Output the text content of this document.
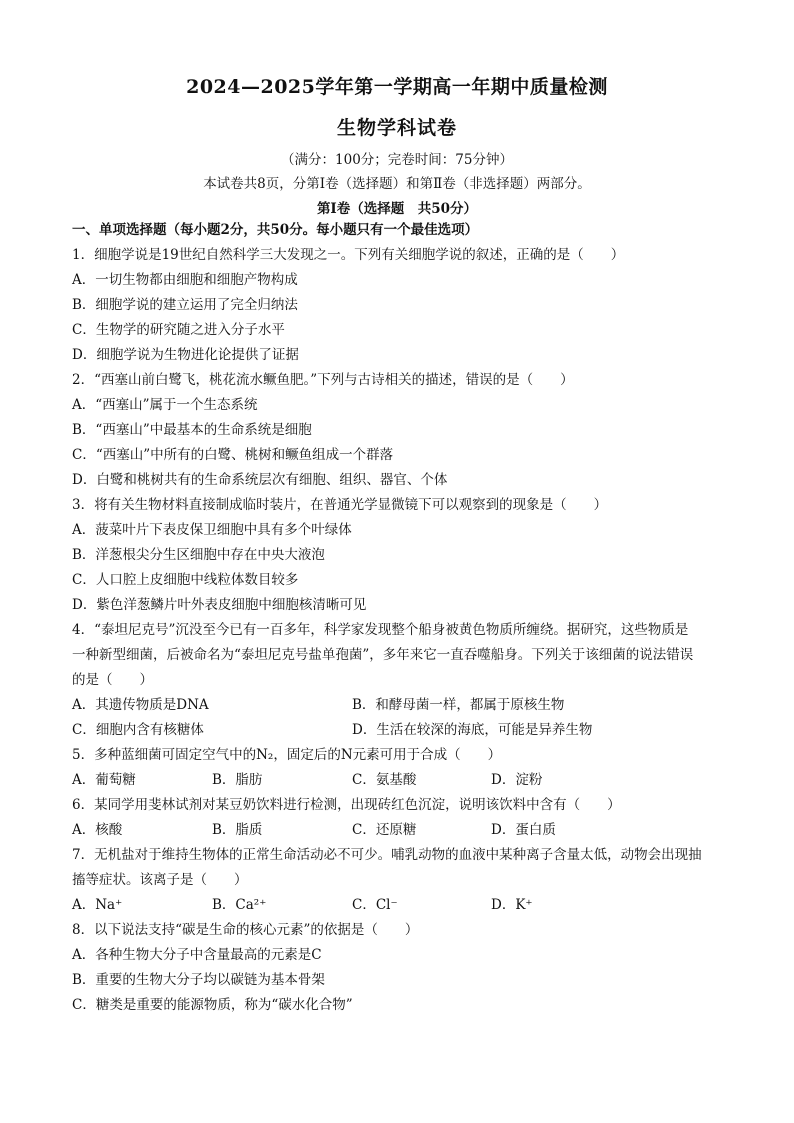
2024—2025学年第一学期高一年期中质量检测
生物学科试卷
（满分：100分；完卷时间：75分钟）
本试卷共8页，分第Ⅰ卷（选择题）和第Ⅱ卷（非选择题）两部分。
第Ⅰ卷（选择题　共50分）
一、单项选择题（每小题2分，共50分。每小题只有一个最佳选项）
1．细胞学说是19世纪自然科学三大发现之一。下列有关细胞学说的叙述，正确的是（　　）
A．一切生物都由细胞和细胞产物构成
B．细胞学说的建立运用了完全归纳法
C．生物学的研究随之进入分子水平
D．细胞学说为生物进化论提供了证据
2．“西塞山前白鹭飞，桃花流水鳜鱼肥。”下列与古诗相关的描述，错误的是（　　）
A．“西塞山”属于一个生态系统
B．“西塞山”中最基本的生命系统是细胞
C．“西塞山”中所有的白鹭、桃树和鳜鱼组成一个群落
D．白鹭和桃树共有的生命系统层次有细胞、组织、器官、个体
3．将有关生物材料直接制成临时装片，在普通光学显微镜下可以观察到的现象是（　　）
A．菠菜叶片下表皮保卫细胞中具有多个叶绿体
B．洋葱根尖分生区细胞中存在中央大液泡
C．人口腔上皮细胞中线粒体数目较多
D．紫色洋葱鳞片叶外表皮细胞中细胞核清晰可见
4．“泰坦尼克号”沉没至今已有一百多年，科学家发现整个船身被黄色物质所缠绕。据研究，这些物质是
一种新型细菌，后被命名为“泰坦尼克号盐单孢菌”，多年来它一直吞噬船身。下列关于该细菌的说法错误
的是（　　）
A．其遗传物质是DNA	B．和酵母菌一样，都属于原核生物
C．细胞内含有核糖体	D．生活在较深的海底，可能是异养生物
5．多种蓝细菌可固定空气中的N₂，固定后的N元素可用于合成（　　）
A．葡萄糖	B．脂肪	C．氨基酸	D．淀粉
6．某同学用斐林试剂对某豆奶饮料进行检测，出现砖红色沉淀，说明该饮料中含有（　　）
A．核酸	B．脂质	C．还原糖	D．蛋白质
7．无机盐对于维持生物体的正常生命活动必不可少。哺乳动物的血液中某种离子含量太低，动物会出现抽
搐等症状。该离子是（　　）
A．Na⁺	B．Ca²⁺	C．Cl⁻	D．K⁺
8．以下说法支持“碳是生命的核心元素”的依据是（　　）
A．各种生物大分子中含量最高的元素是C
B．重要的生物大分子均以碳链为基本骨架
C．糖类是重要的能源物质，称为“碳水化合物”
